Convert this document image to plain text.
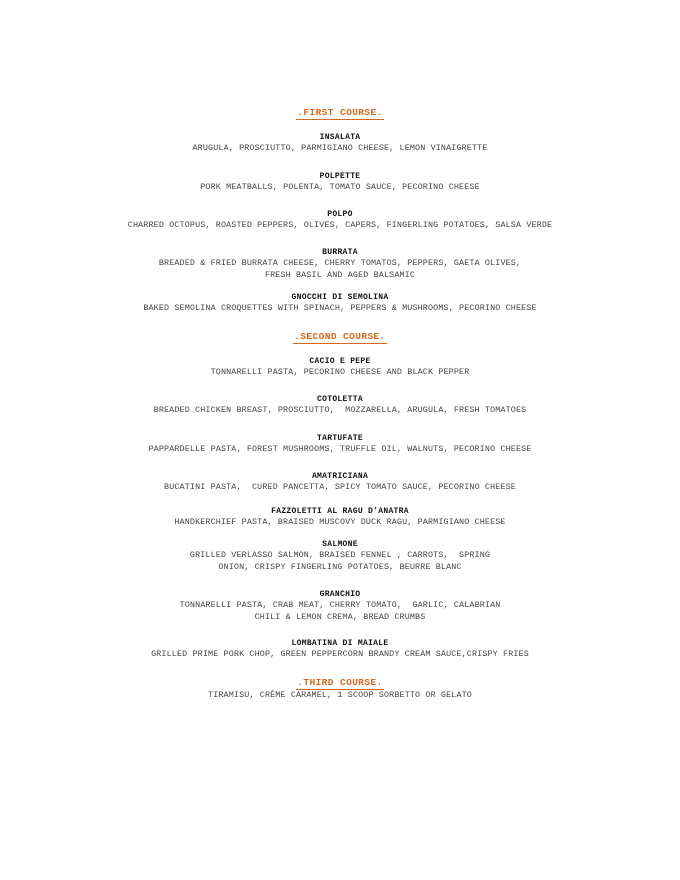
.FIRST COURSE.
INSALATA
ARUGULA, PROSCIUTTO, PARMIGIANO CHEESE, LEMON VINAIGRETTE
POLPETTE
PORK MEATBALLS, POLENTA, TOMATO SAUCE, PECORINO CHEESE
POLPO
CHARRED OCTOPUS, ROASTED PEPPERS, OLIVES, CAPERS, FINGERLING POTATOES, SALSA VERDE
BURRATA
BREADED & FRIED BURRATA CHEESE, CHERRY TOMATOS, PEPPERS, GAETA OLIVES,
FRESH BASIL AND AGED BALSAMIC
GNOCCHI DI SEMOLINA
BAKED SEMOLINA CROQUETTES WITH SPINACH, PEPPERS & MUSHROOMS, PECORINO CHEESE
.SECOND COURSE.
CACIO E PEPE
TONNARELLI PASTA, PECORINO CHEESE AND BLACK PEPPER
COTOLETTA
BREADED CHICKEN BREAST, PROSCIUTTO,  MOZZARELLA, ARUGULA, FRESH TOMATOES
TARTUFATE
PAPPARDELLE PASTA, FOREST MUSHROOMS, TRUFFLE OIL, WALNUTS, PECORINO CHEESE
AMATRICIANA
BUCATINI PASTA,  CURED PANCETTA, SPICY TOMATO SAUCE, PECORINO CHEESE
FAZZOLETTI AL RAGU D’ANATRA
HANDKERCHIEF PASTA, BRAISED MUSCOVY DUCK RAGU, PARMIGIANO CHEESE
SALMONE
GRILLED VERLASSO SALMON, BRAISED FENNEL , CARROTS,  SPRING
ONION, CRISPY FINGERLING POTATOES, BEURRE BLANC
GRANCHIO
TONNARELLI PASTA, CRAB MEAT, CHERRY TOMATO,  GARLIC, CALABRIAN
CHILI & LEMON CREMA, BREAD CRUMBS
LOMBATINA DI MAIALE
GRILLED PRIME PORK CHOP, GREEN PEPPERCORN BRANDY CREAM SAUCE,CRISPY FRIES
.THIRD COURSE.
TIRAMISU, CRÈME CARAMEL, 1 SCOOP SORBETTO OR GELATO
